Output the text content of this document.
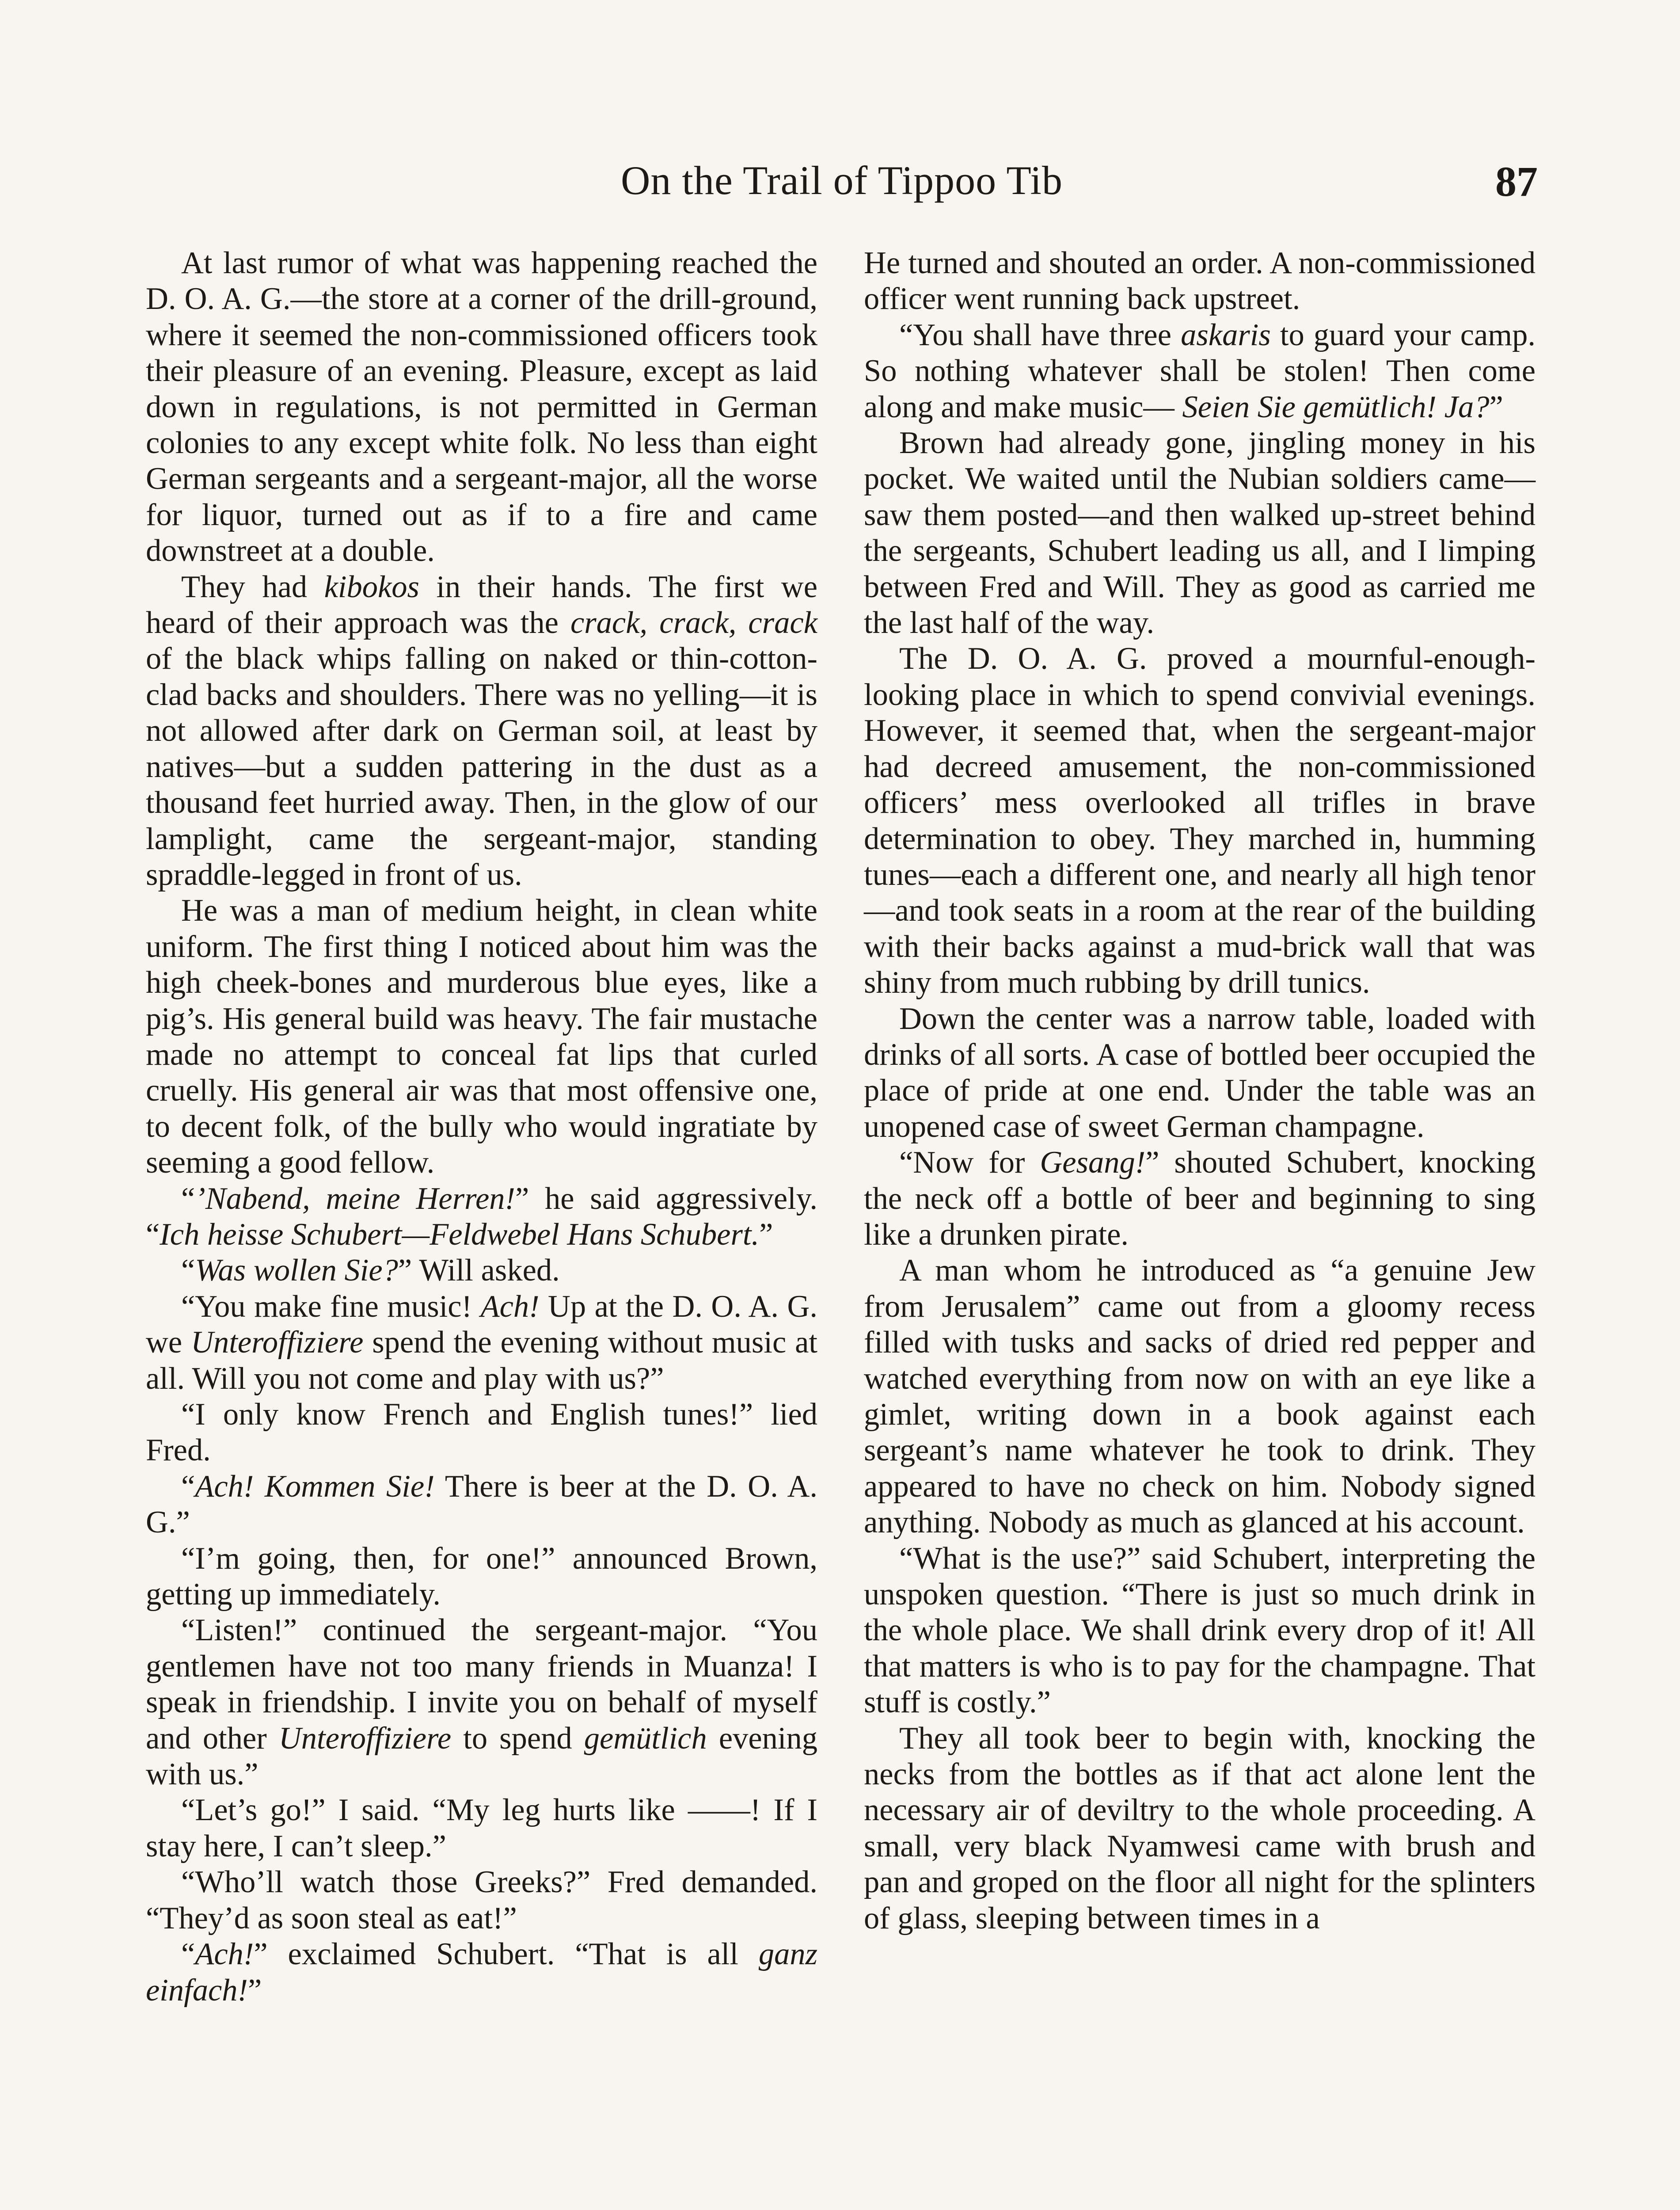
On the Trail of Tippoo Tib	87

At last rumor of what was happening reached the D. O. A. G.—the store at a corner of the drill-ground, where it seemed the non-commissioned officers took their pleasure of an evening. Pleasure, except as laid down in regulations, is not permitted in German colonies to any except white folk. No less than eight German sergeants and a sergeant-major, all the worse for liquor, turned out as if to a fire and came downstreet at a double.

They had kibokos in their hands. The first we heard of their approach was the crack, crack, crack of the black whips falling on naked or thin-cotton-clad backs and shoulders. There was no yelling—it is not allowed after dark on German soil, at least by natives—but a sudden pattering in the dust as a thousand feet hurried away. Then, in the glow of our lamplight, came the sergeant-major, standing spraddle-legged in front of us.

He was a man of medium height, in clean white uniform. The first thing I noticed about him was the high cheek-bones and murderous blue eyes, like a pig’s. His general build was heavy. The fair mustache made no attempt to conceal fat lips that curled cruelly. His general air was that most offensive one, to decent folk, of the bully who would ingratiate by seeming a good fellow.

“’Nabend, meine Herren!” he said aggressively. “Ich heisse Schubert—Feldwebel Hans Schubert.”

“Was wollen Sie?” Will asked.

“You make fine music! Ach! Up at the D. O. A. G. we Unteroffiziere spend the evening without music at all. Will you not come and play with us?”

“I only know French and English tunes!” lied Fred.

“Ach! Kommen Sie! There is beer at the D. O. A. G.”

“I’m going, then, for one!” announced Brown, getting up immediately.

“Listen!” continued the sergeant-major. “You gentlemen have not too many friends in Muanza! I speak in friendship. I invite you on behalf of myself and other Unteroffiziere to spend gemütlich evening with us.”

“Let’s go!” I said. “My leg hurts like ——! If I stay here, I can’t sleep.”

“Who’ll watch those Greeks?” Fred demanded. “They’d as soon steal as eat!”

“Ach!” exclaimed Schubert. “That is all ganz einfach!”

He turned and shouted an order. A non-commissioned officer went running back upstreet.

“You shall have three askaris to guard your camp. So nothing whatever shall be stolen! Then come along and make music— Seien Sie gemütlich! Ja?”

Brown had already gone, jingling money in his pocket. We waited until the Nubian soldiers came—saw them posted—and then walked up-street behind the sergeants, Schubert leading us all, and I limping between Fred and Will. They as good as carried me the last half of the way.

The D. O. A. G. proved a mournful-enough-looking place in which to spend convivial evenings. However, it seemed that, when the sergeant-major had decreed amusement, the non-commissioned officers’ mess overlooked all trifles in brave determination to obey. They marched in, humming tunes—each a different one, and nearly all high tenor—and took seats in a room at the rear of the building with their backs against a mud-brick wall that was shiny from much rubbing by drill tunics.

Down the center was a narrow table, loaded with drinks of all sorts. A case of bottled beer occupied the place of pride at one end. Under the table was an unopened case of sweet German champagne.

“Now for Gesang!” shouted Schubert, knocking the neck off a bottle of beer and beginning to sing like a drunken pirate.

A man whom he introduced as “a genuine Jew from Jerusalem” came out from a gloomy recess filled with tusks and sacks of dried red pepper and watched everything from now on with an eye like a gimlet, writing down in a book against each sergeant’s name whatever he took to drink. They appeared to have no check on him. Nobody signed anything. Nobody as much as glanced at his account.

“What is the use?” said Schubert, interpreting the unspoken question. “There is just so much drink in the whole place. We shall drink every drop of it! All that matters is who is to pay for the champagne. That stuff is costly.”

They all took beer to begin with, knocking the necks from the bottles as if that act alone lent the necessary air of deviltry to the whole proceeding. A small, very black Nyamwesi came with brush and pan and groped on the floor all night for the splinters of glass, sleeping between times in a
